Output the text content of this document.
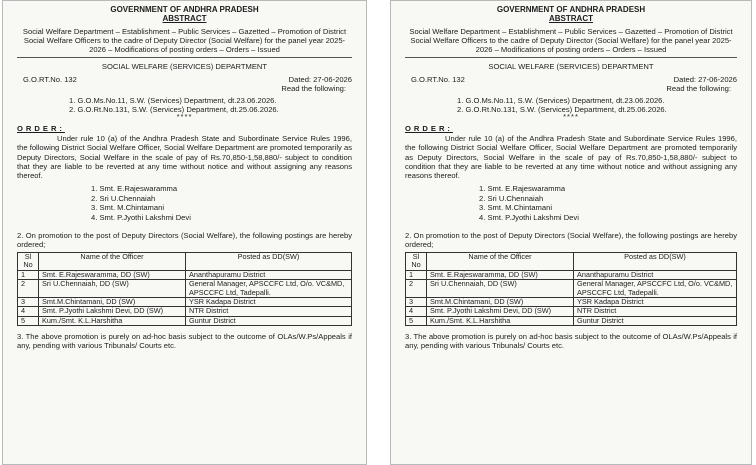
GOVERNMENT OF ANDHRA PRADESH
ABSTRACT
Social Welfare Department – Establishment – Public Services – Gazetted – Promotion of District Social Welfare Officers to the cadre of Deputy Director (Social Welfare) for the panel year 2025-2026 – Modifications of posting orders – Orders – Issued
SOCIAL WELFARE (SERVICES) DEPARTMENT
G.O.RT.No. 132	Dated: 27-06-2026
Read the following:
1. G.O.Ms.No.11, S.W. (Services) Department, dt.23.06.2026.
2. G.O.Rt.No.131, S.W. (Services) Department, dt.25.06.2026.
****
ORDER:
Under rule 10 (a) of the Andhra Pradesh State and Subordinate Service Rules 1996, the following District Social Welfare Officer, Social Welfare Department are promoted temporarily as Deputy Directors, Social Welfare in the scale of pay of Rs.70,850-1,58,880/- subject to condition that they are liable to be reverted at any time without notice and without assigning any reasons thereof.
1. Smt. E.Rajeswaramma
2. Sri U.Chennaiah
3. Smt. M.Chintamani
4. Smt. P.Jyothi Lakshmi Devi
2. On promotion to the post of Deputy Directors (Social Welfare), the following postings are hereby ordered;
Sl No	Name of the Officer	Posted as DD(SW)
1	Smt. E.Rajeswaramma, DD (SW)	Ananthapuramu District
2	Sri U.Chennaiah, DD (SW)	General Manager, APSCCFC Ltd, O/o. VC&MD, APSCCFC Ltd, Tadepalli.
3	Smt.M.Chintamani, DD (SW)	YSR Kadapa District
4	Smt. P.Jyothi Lakshmi Devi, DD (SW)	NTR District
5	Kum./Smt. K.L.Harshitha	Guntur District
3. The above promotion is purely on ad-hoc basis subject to the outcome of OLAs/W.Ps/Appeals if any, pending with various Tribunals/ Courts etc.
GOVERNMENT OF ANDHRA PRADESH
ABSTRACT
Social Welfare Department – Establishment – Public Services – Gazetted – Promotion of District Social Welfare Officers to the cadre of Deputy Director (Social Welfare) for the panel year 2025-2026 – Modifications of posting orders – Orders – Issued
SOCIAL WELFARE (SERVICES) DEPARTMENT
G.O.RT.No. 132	Dated: 27-06-2026
Read the following:
1. G.O.Ms.No.11, S.W. (Services) Department, dt.23.06.2026.
2. G.O.Rt.No.131, S.W. (Services) Department, dt.25.06.2026.
****
ORDER:
Under rule 10 (a) of the Andhra Pradesh State and Subordinate Service Rules 1996, the following District Social Welfare Officer, Social Welfare Department are promoted temporarily as Deputy Directors, Social Welfare in the scale of pay of Rs.70,850-1,58,880/- subject to condition that they are liable to be reverted at any time without notice and without assigning any reasons thereof.
1. Smt. E.Rajeswaramma
2. Sri U.Chennaiah
3. Smt. M.Chintamani
4. Smt. P.Jyothi Lakshmi Devi
2. On promotion to the post of Deputy Directors (Social Welfare), the following postings are hereby ordered;
Sl No	Name of the Officer	Posted as DD(SW)
1	Smt. E.Rajeswaramma, DD (SW)	Ananthapuramu District
2	Sri U.Chennaiah, DD (SW)	General Manager, APSCCFC Ltd, O/o. VC&MD, APSCCFC Ltd, Tadepalli.
3	Smt.M.Chintamani, DD (SW)	YSR Kadapa District
4	Smt. P.Jyothi Lakshmi Devi, DD (SW)	NTR District
5	Kum./Smt. K.L.Harshitha	Guntur District
3. The above promotion is purely on ad-hoc basis subject to the outcome of OLAs/W.Ps/Appeals if any, pending with various Tribunals/ Courts etc.
